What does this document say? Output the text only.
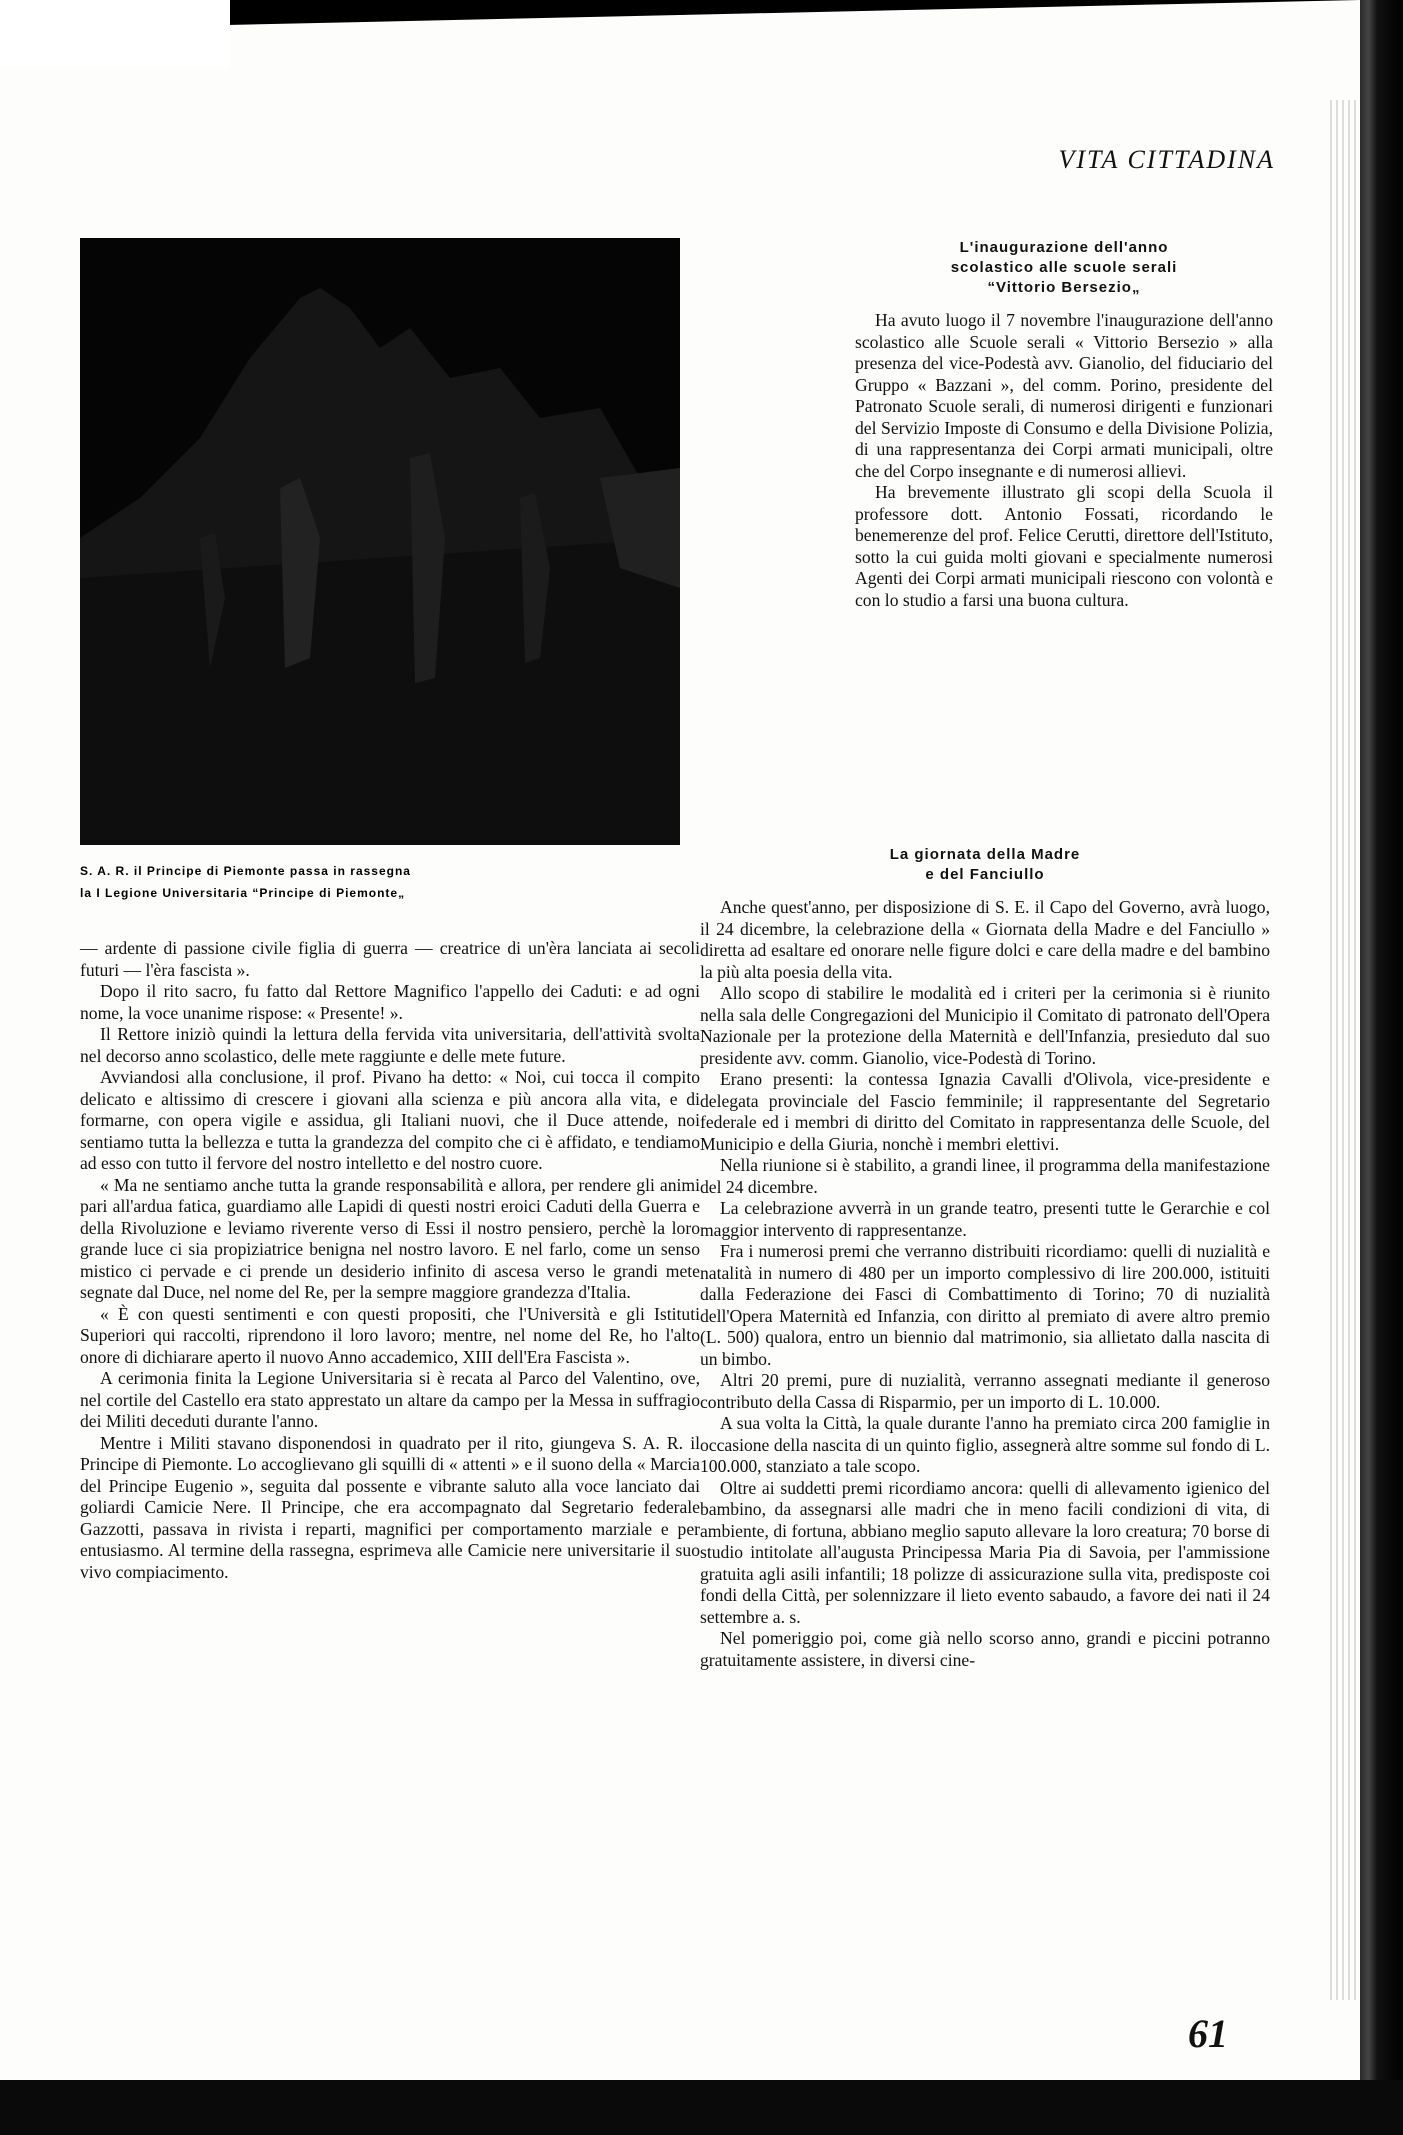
VITA CITTADINA
S. A. R. il Principe di Piemonte passa in rassegna
la I Legione Universitaria “Principe di Piemonte„

— ardente di passione civile figlia di guerra — creatrice di un'èra lanciata ai secoli futuri — l'èra fascista ».

Dopo il rito sacro, fu fatto dal Rettore Magnifico l'appello dei Caduti: e ad ogni nome, la voce unanime rispose: « Presente! ».

Il Rettore iniziò quindi la lettura della fervida vita universitaria, dell'attività svolta nel decorso anno scolastico, delle mete raggiunte e delle mete future.

Avviandosi alla conclusione, il prof. Pivano ha detto: « Noi, cui tocca il compito delicato e altissimo di crescere i giovani alla scienza e più ancora alla vita, e di formarne, con opera vigile e assidua, gli Italiani nuovi, che il Duce attende, noi sentiamo tutta la bellezza e tutta la grandezza del compito che ci è affidato, e tendiamo ad esso con tutto il fervore del nostro intelletto e del nostro cuore.

« Ma ne sentiamo anche tutta la grande responsabilità e allora, per rendere gli animi pari all'ardua fatica, guardiamo alle Lapidi di questi nostri eroici Caduti della Guerra e della Rivoluzione e leviamo riverente verso di Essi il nostro pensiero, perchè la loro grande luce ci sia propiziatrice benigna nel nostro lavoro. E nel farlo, come un senso mistico ci pervade e ci prende un desiderio infinito di ascesa verso le grandi mete segnate dal Duce, nel nome del Re, per la sempre maggiore grandezza d'Italia.

« È con questi sentimenti e con questi propositi, che l'Università e gli Istituti Superiori qui raccolti, riprendono il loro lavoro; mentre, nel nome del Re, ho l'alto onore di dichiarare aperto il nuovo Anno accademico, XIII dell'Era Fascista ».

A cerimonia finita la Legione Universitaria si è recata al Parco del Valentino, ove, nel cortile del Castello era stato apprestato un altare da campo per la Messa in suffragio dei Militi deceduti durante l'anno.

Mentre i Militi stavano disponendosi in quadrato per il rito, giungeva S. A. R. il Principe di Piemonte. Lo accoglievano gli squilli di « attenti » e il suono della « Marcia del Principe Eugenio », seguita dal possente e vibrante saluto alla voce lanciato dai goliardi Camicie Nere. Il Principe, che era accompagnato dal Segretario federale Gazzotti, passava in rivista i reparti, magnifici per comportamento marziale e per entusiasmo. Al termine della rassegna, esprimeva alle Camicie nere universitarie il suo vivo compiacimento.

L'inaugurazione dell'anno
scolastico alle scuole serali
“Vittorio Bersezio„

Ha avuto luogo il 7 novembre l'inaugurazione dell'anno scolastico alle Scuole serali « Vittorio Bersezio » alla presenza del vice-Podestà avv. Gianolio, del fiduciario del Gruppo « Bazzani », del comm. Porino, presidente del Patronato Scuole serali, di numerosi dirigenti e funzionari del Servizio Imposte di Consumo e della Divisione Polizia, di una rappresentanza dei Corpi armati municipali, oltre che del Corpo insegnante e di numerosi allievi.

Ha brevemente illustrato gli scopi della Scuola il professore dott. Antonio Fossati, ricordando le benemerenze del prof. Felice Cerutti, direttore dell'Istituto, sotto la cui guida molti giovani e specialmente numerosi Agenti dei Corpi armati municipali riescono con volontà e con lo studio a farsi una buona cultura.

La giornata della Madre
e del Fanciullo

Anche quest'anno, per disposizione di S. E. il Capo del Governo, avrà luogo, il 24 dicembre, la celebrazione della « Giornata della Madre e del Fanciullo » diretta ad esaltare ed onorare nelle figure dolci e care della madre e del bambino la più alta poesia della vita.

Allo scopo di stabilire le modalità ed i criteri per la cerimonia si è riunito nella sala delle Congregazioni del Municipio il Comitato di patronato dell'Opera Nazionale per la protezione della Maternità e dell'Infanzia, presieduto dal suo presidente avv. comm. Gianolio, vice-Podestà di Torino.

Erano presenti: la contessa Ignazia Cavalli d'Olivola, vice-presidente e delegata provinciale del Fascio femminile; il rappresentante del Segretario federale ed i membri di diritto del Comitato in rappresentanza delle Scuole, del Municipio e della Giuria, nonchè i membri elettivi.

Nella riunione si è stabilito, a grandi linee, il programma della manifestazione del 24 dicembre.

La celebrazione avverrà in un grande teatro, presenti tutte le Gerarchie e col maggior intervento di rappresentanze.

Fra i numerosi premi che verranno distribuiti ricordiamo: quelli di nuzialità e natalità in numero di 480 per un importo complessivo di lire 200.000, istituiti dalla Federazione dei Fasci di Combattimento di Torino; 70 di nuzialità dell'Opera Maternità ed Infanzia, con diritto al premiato di avere altro premio (L. 500) qualora, entro un biennio dal matrimonio, sia allietato dalla nascita di un bimbo.

Altri 20 premi, pure di nuzialità, verranno assegnati mediante il generoso contributo della Cassa di Risparmio, per un importo di L. 10.000.

A sua volta la Città, la quale durante l'anno ha premiato circa 200 famiglie in occasione della nascita di un quinto figlio, assegnerà altre somme sul fondo di L. 100.000, stanziato a tale scopo.

Oltre ai suddetti premi ricordiamo ancora: quelli di allevamento igienico del bambino, da assegnarsi alle madri che in meno facili condizioni di vita, di ambiente, di fortuna, abbiano meglio saputo allevare la loro creatura; 70 borse di studio intitolate all'augusta Principessa Maria Pia di Savoia, per l'ammissione gratuita agli asili infantili; 18 polizze di assicurazione sulla vita, predisposte coi fondi della Città, per solennizzare il lieto evento sabaudo, a favore dei nati il 24 settembre a. s.

Nel pomeriggio poi, come già nello scorso anno, grandi e piccini potranno gratuitamente assistere, in diversi cine-

61
